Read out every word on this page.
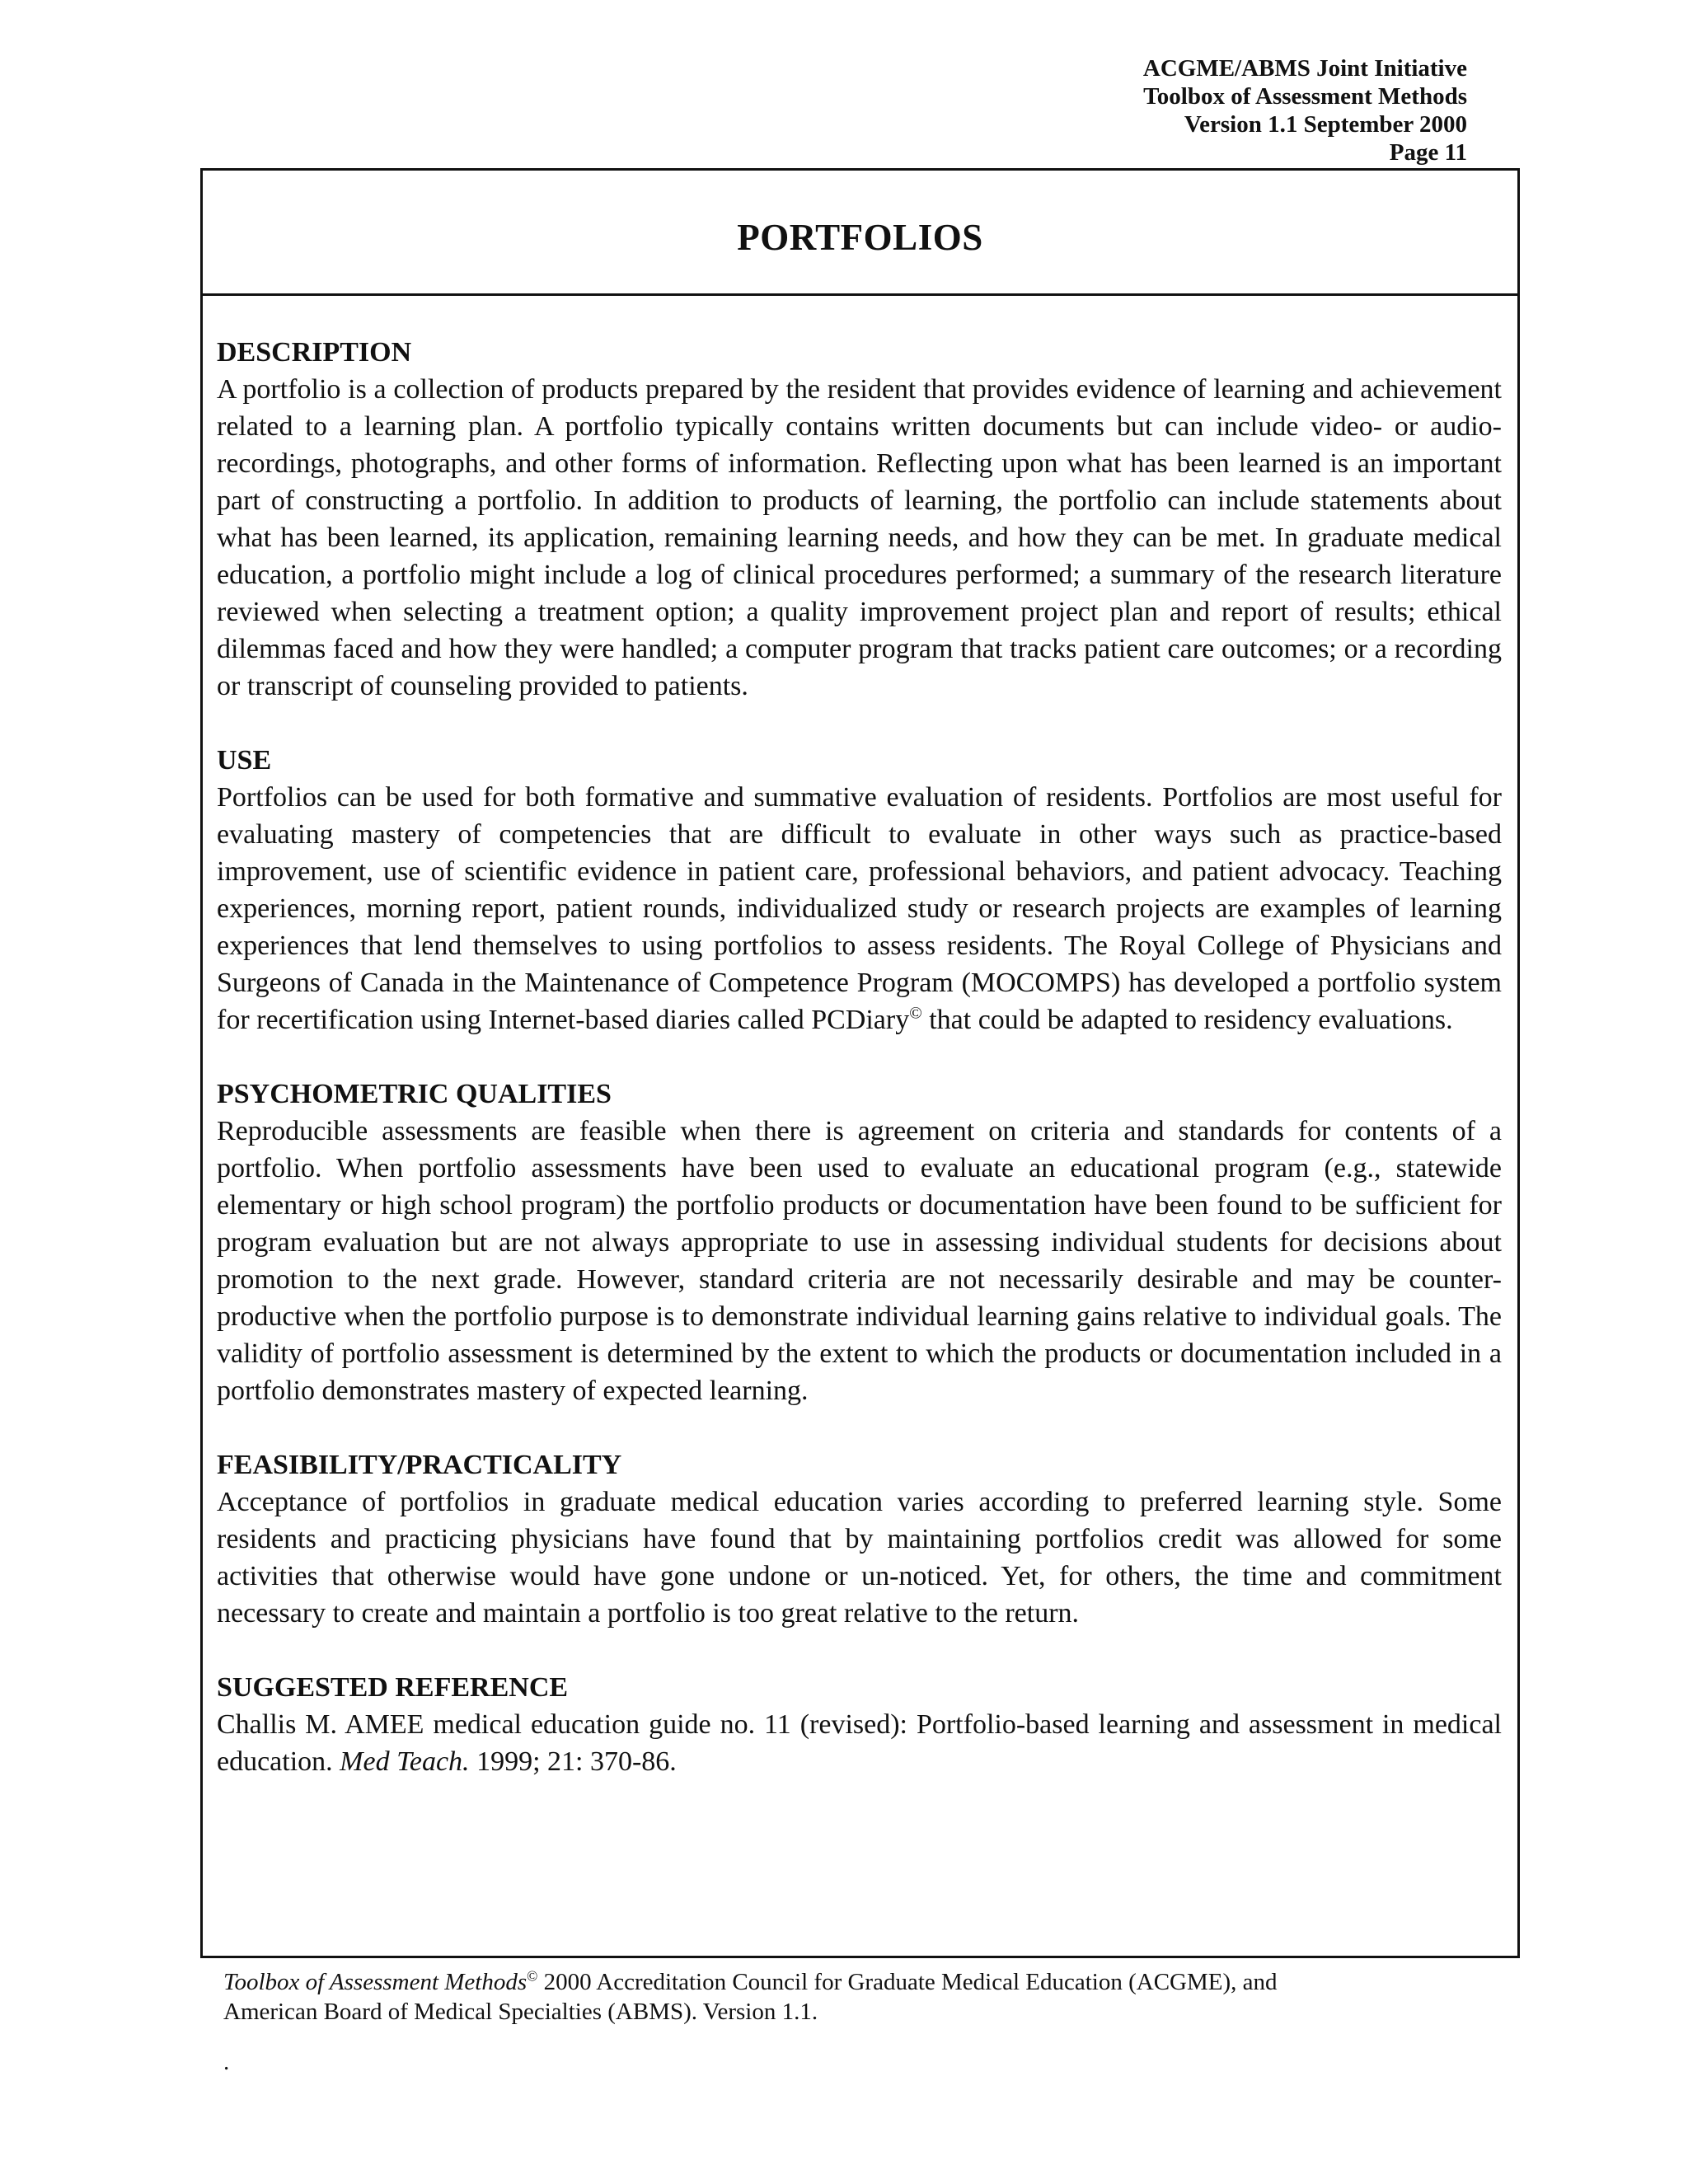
ACGME/ABMS Joint Initiative
Toolbox of Assessment Methods
Version 1.1 September 2000
Page 11
PORTFOLIOS
DESCRIPTION
A portfolio is a collection of products prepared by the resident that provides evidence of learning and achievement related to a learning plan. A portfolio typically contains written documents but can include video- or audio-recordings, photographs, and other forms of information. Reflecting upon what has been learned is an important part of constructing a portfolio. In addition to products of learning, the portfolio can include statements about what has been learned, its application, remaining learning needs, and how they can be met. In graduate medical education, a portfolio might include a log of clinical procedures performed; a summary of the research literature reviewed when selecting a treatment option; a quality improvement project plan and report of results; ethical dilemmas faced and how they were handled; a computer program that tracks patient care outcomes; or a recording or transcript of counseling provided to patients.
USE
Portfolios can be used for both formative and summative evaluation of residents. Portfolios are most useful for evaluating mastery of competencies that are difficult to evaluate in other ways such as practice-based improvement, use of scientific evidence in patient care, professional behaviors, and patient advocacy. Teaching experiences, morning report, patient rounds, individualized study or research projects are examples of learning experiences that lend themselves to using portfolios to assess residents. The Royal College of Physicians and Surgeons of Canada in the Maintenance of Competence Program (MOCOMPS) has developed a portfolio system for recertification using Internet-based diaries called PCDiary© that could be adapted to residency evaluations.
PSYCHOMETRIC QUALITIES
Reproducible assessments are feasible when there is agreement on criteria and standards for contents of a portfolio. When portfolio assessments have been used to evaluate an educational program (e.g., statewide elementary or high school program) the portfolio products or documentation have been found to be sufficient for program evaluation but are not always appropriate to use in assessing individual students for decisions about promotion to the next grade. However, standard criteria are not necessarily desirable and may be counter-productive when the portfolio purpose is to demonstrate individual learning gains relative to individual goals. The validity of portfolio assessment is determined by the extent to which the products or documentation included in a portfolio demonstrates mastery of expected learning.
FEASIBILITY/PRACTICALITY
Acceptance of portfolios in graduate medical education varies according to preferred learning style. Some residents and practicing physicians have found that by maintaining portfolios credit was allowed for some activities that otherwise would have gone undone or un-noticed. Yet, for others, the time and commitment necessary to create and maintain a portfolio is too great relative to the return.
SUGGESTED REFERENCE
Challis M. AMEE medical education guide no. 11 (revised): Portfolio-based learning and assessment in medical education. Med Teach. 1999; 21: 370-86.
Toolbox of Assessment Methods© 2000 Accreditation Council for Graduate Medical Education (ACGME), and
American Board of Medical Specialties (ABMS). Version 1.1.
.
